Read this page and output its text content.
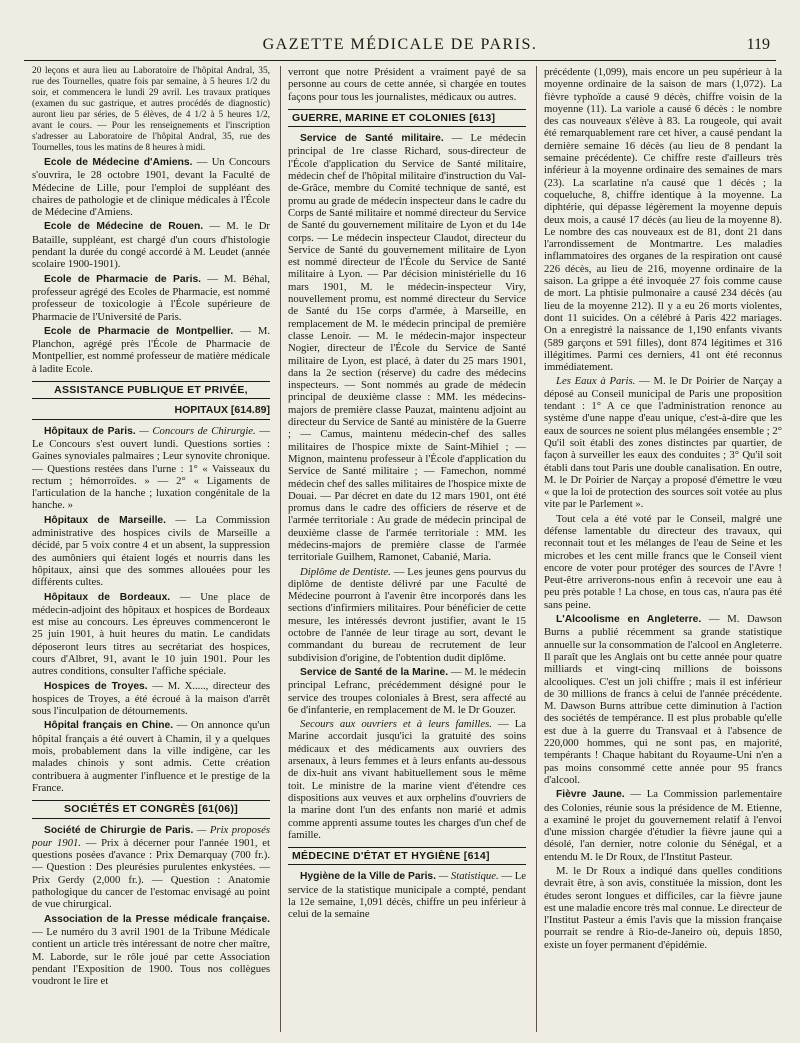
GAZETTE MÉDICALE DE PARIS.	119

20 leçons et aura lieu au Laboratoire de l'hôpital Andral, 35, rue des Tournelles, quatre fois par semaine, à 5 heures 1/2 du soir, et commencera le lundi 29 avril. Les travaux pratiques (examen du suc gastrique, et autres procédés de diagnostic) auront lieu par séries, de 5 élèves, de 4 1/2 à 5 heures 1/2, avant le cours. — Pour les renseignements et l'inscription s'adresser au Laboratoire de l'hôpital Andral, 35, rue des Tournelles, tous les matins de 8 heures à midi.

Ecole de Médecine d'Amiens. — Un Concours s'ouvrira, le 28 octobre 1901, devant la Faculté de Médecine de Lille, pour l'emploi de suppléant des chaires de pathologie et de clinique médicales à l'École de Médecine d'Amiens.

Ecole de Médecine de Rouen. — M. le Dr Bataille, suppléant, est chargé d'un cours d'histologie pendant la durée du congé accordé à M. Leudet (année scolaire 1900-1901).

Ecole de Pharmacie de Paris. — M. Béhal, professeur agrégé des Ecoles de Pharmacie, est nommé professeur de toxicologie à l'École supérieure de Pharmacie de l'Université de Paris.

Ecole de Pharmacie de Montpellier. — M. Planchon, agrégé près l'École de Pharmacie de Montpellier, est nommé professeur de matière médicale à ladite Ecole.

ASSISTANCE PUBLIQUE ET PRIVÉE,
HOPITAUX [614.89]

Hôpitaux de Paris. — Concours de Chirurgie. — Le Concours s'est ouvert lundi. Questions sorties : Gaines synoviales palmaires ; Leur synovite chronique. — Questions restées dans l'urne : 1° « Vaisseaux du rectum ; hémorroïdes. » — 2° « Ligaments de l'articulation de la hanche ; luxation congénitale de la hanche. »

Hôpitaux de Marseille. — La Commission administrative des hospices civils de Marseille a décidé, par 5 voix contre 4 et un absent, la suppression des aumôniers qui étaient logés et nourris dans les hôpitaux, ainsi que des sommes allouées pour les différents cultes.

Hôpitaux de Bordeaux. — Une place de médecin-adjoint des hôpitaux et hospices de Bordeaux est mise au concours. Les épreuves commenceront le 25 juin 1901, à huit heures du matin. Le candidats déposeront leurs titres au secrétariat des hospices, cours d'Albret, 91, avant le 10 juin 1901. Pour les autres conditions, consulter l'affiche spéciale.

Hospices de Troyes. — M. X....., directeur des hospices de Troyes, a été écroué à la maison d'arrêt sous l'inculpation de détournements.

Hôpital français en Chine. — On annonce qu'un hôpital français a été ouvert à Chamin, il y a quelques mois, probablement dans la ville indigène, car les malades chinois y sont admis. Cette création contribuera à augmenter l'influence et le prestige de la France.

SOCIÉTÉS ET CONGRÈS [61(06)]

Société de Chirurgie de Paris. — Prix proposés pour 1901. — Prix à décerner pour l'année 1901, et questions posées d'avance : Prix Demarquay (700 fr.). — Question : Des pleurésies purulentes enkystées. — Prix Gerdy (2,000 fr.). — Question : Anatomie pathologique du cancer de l'estomac envisagé au point de vue chirurgical.

Association de la Presse médicale française. — Le numéro du 3 avril 1901 de la Tribune Médicale contient un article très intéressant de notre cher maître, M. Laborde, sur le rôle joué par cette Association pendant l'Exposition de 1900. Tous nos collègues voudront le lire et

verront que notre Président a vraiment payé de sa personne au cours de cette année, si chargée en toutes façons pour tous les journalistes, médicaux ou autres.

GUERRE, MARINE ET COLONIES [613]

Service de Santé militaire. — Le médecin principal de 1re classe Richard, sous-directeur de l'École d'application du Service de Santé militaire, médecin chef de l'hôpital militaire d'instruction du Val-de-Grâce, membre du Comité technique de santé, est promu au grade de médecin inspecteur dans le cadre du Corps de Santé militaire et nommé directeur du Service de Santé du gouvernement militaire de Lyon et du 14e corps. — Le médecin inspecteur Claudot, directeur du Service de Santé du gouvernement militaire de Lyon est nommé directeur de l'École du Service de Santé militaire à Lyon. — Par décision ministérielle du 16 mars 1901, M. le médecin-inspecteur Viry, nouvellement promu, est nommé directeur du Service de Santé du 15e corps d'armée, à Marseille, en remplacement de M. le médecin principal de première classe Lenoir. — M. le médecin-major inspecteur Nogier, directeur de l'École du Service de Santé militaire de Lyon, est placé, à dater du 25 mars 1901, dans la 2e section (réserve) du cadre des médecins inspecteurs. — Sont nommés au grade de médecin principal de deuxième classe : MM. les médecins-majors de première classe Pauzat, maintenu adjoint au directeur du Service de Santé au ministère de la Guerre ; — Camus, maintenu médecin-chef des salles militaires de l'hospice mixte de Saint-Mihiel ; — Mignon, maintenu professeur à l'École d'application du Service de Santé militaire ; — Famechon, nommé médecin chef des salles militaires de l'hospice mixte de Douai. — Par décret en date du 12 mars 1901, ont été promus dans le cadre des officiers de réserve et de l'armée territoriale : Au grade de médecin principal de deuxième classe de l'armée territoriale : MM. les médecins-majors de première classe de l'armée territoriale Guilhem, Ramonet, Cabanié, Maria.

Diplôme de Dentiste. — Les jeunes gens pourvus du diplôme de dentiste délivré par une Faculté de Médecine pourront à l'avenir être incorporés dans les sections d'infirmiers militaires. Pour bénéficier de cette mesure, les intéressés devront justifier, avant le 15 octobre de l'année de leur tirage au sort, devant le commandant du bureau de recrutement de leur subdivision d'origine, de l'obtention dudit diplôme.

Service de Santé de la Marine. — M. le médecin principal Lefranc, précédemment désigné pour le service des troupes coloniales à Brest, sera affecté au 6e d'infanterie, en remplacement de M. le Dr Gouzer.

Secours aux ouvriers et à leurs familles. — La Marine accordait jusqu'ici la gratuité des soins médicaux et des médicaments aux ouvriers des arsenaux, à leurs femmes et à leurs enfants au-dessous de dix-huit ans vivant habituellement sous le même toit. Le ministre de la marine vient d'étendre ces dispositions aux veuves et aux orphelins d'ouvriers de la marine dont l'un des enfants non marié et admis comme apprenti assume toutes les charges d'un chef de famille.

MÉDECINE D'ÉTAT ET HYGIÈNE [614]

Hygiène de la Ville de Paris. — Statistique. — Le service de la statistique municipale a compté, pendant la 12e semaine, 1,091 décès, chiffre un peu inférieur à celui de la semaine

précédente (1,099), mais encore un peu supérieur à la moyenne ordinaire de la saison de mars (1,072). La fièvre typhoïde a causé 9 décès, chiffre voisin de la moyenne (11). La variole a causé 6 décès : le nombre des cas nouveaux s'élève à 83. La rougeole, qui avait été remarquablement rare cet hiver, a causé pendant la dernière semaine 16 décès (au lieu de 8 pendant la semaine précédente). Ce chiffre reste d'ailleurs très inférieur à la moyenne ordinaire des semaines de mars (23). La scarlatine n'a causé que 1 décès ; la coqueluche, 8, chiffre identique à la moyenne. La diphtérie, qui dépasse légèrement la moyenne depuis deux mois, a causé 17 décès (au lieu de la moyenne 8). Le nombre des cas nouveaux est de 81, dont 21 dans l'arrondissement de Montmartre. Les maladies inflammatoires des organes de la respiration ont causé 226 décès, au lieu de 216, moyenne ordinaire de la saison. La grippe a été invoquée 27 fois comme cause de mort. La phtisie pulmonaire a causé 234 décès (au lieu de la moyenne 212). Il y a eu 26 morts violentes, dont 11 suicides. On a célébré à Paris 422 mariages. On a enregistré la naissance de 1,190 enfants vivants (589 garçons et 591 filles), dont 874 légitimes et 316 illégitimes. Parmi ces derniers, 41 ont été reconnus immédiatement.

Les Eaux à Paris. — M. le Dr Poirier de Narçay a déposé au Conseil municipal de Paris une proposition tendant : 1° A ce que l'administration renonce au système d'une nappe d'eau unique, c'est-à-dire que les eaux de sources ne soient plus mélangées ensemble ; 2° Qu'il soit établi des zones distinctes par quartier, de façon à surveiller les eaux des conduites ; 3° Qu'il soit établi dans tout Paris une double canalisation. En outre, M. le Dr Poirier de Narçay a proposé d'émettre le vœu « que la loi de protection des sources soit votée au plus vite par le Parlement ».

Tout cela a été voté par le Conseil, malgré une défense lamentable du directeur des travaux, qui reconnait tout et les mélanges de l'eau de Seine et les microbes et les cent mille francs que le Conseil vient encore de voter pour protéger des sources de l'Avre ! Peut-être arriverons-nous enfin à recevoir une eau à peu près potable ! La chose, en tous cas, n'aura pas été sans peine.

L'Alcoolisme en Angleterre. — M. Dawson Burns a publié récemment sa grande statistique annuelle sur la consommation de l'alcool en Angleterre. Il paraît que les Anglais ont bu cette année pour quatre milliards et vingt-cinq millions de boissons alcooliques. C'est un joli chiffre ; mais il est inférieur de 30 millions de francs à celui de l'année précédente. M. Dawson Burns attribue cette diminution à l'action des sociétés de tempérance. Il est plus probable qu'elle est due à la guerre du Transvaal et à l'absence de 220,000 hommes, qui ne sont pas, en majorité, tempérants ! Chaque habitant du Royaume-Uni n'en a pas moins consommé cette année pour 95 francs d'alcool.

Fièvre Jaune. — La Commission parlementaire des Colonies, réunie sous la présidence de M. Etienne, a examiné le projet du gouvernement relatif à l'envoi d'une mission chargée d'étudier la fièvre jaune qui a désolé, l'an dernier, notre colonie du Sénégal, et a entendu M. le Dr Roux, de l'Institut Pasteur.

M. le Dr Roux a indiqué dans quelles conditions devrait être, à son avis, constituée la mission, dont les études seront longues et difficiles, car la fièvre jaune est une maladie encore très mal connue. Le directeur de l'Institut Pasteur a émis l'avis que la mission française pourrait se rendre à Rio-de-Janeiro où, depuis 1850, existe un foyer permanent d'épidémie.
